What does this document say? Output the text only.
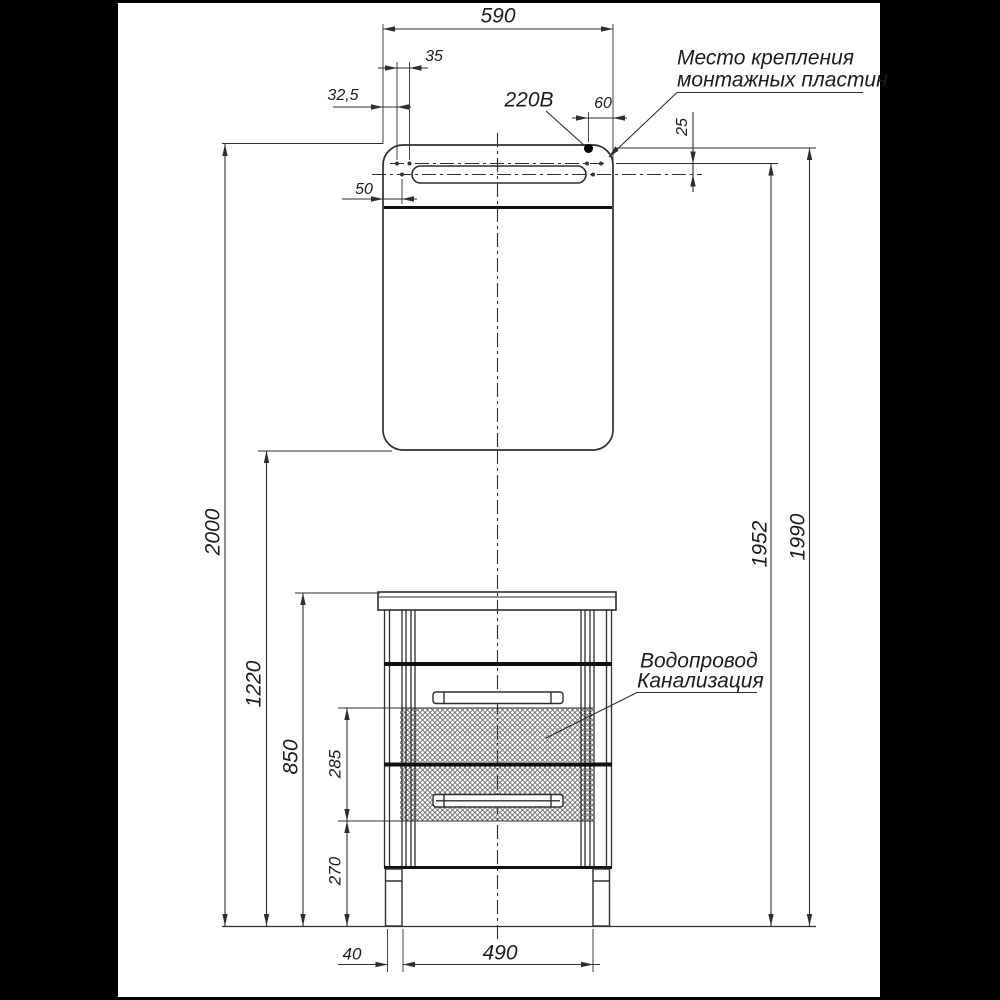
590
35
32,5	220В	60
50
25
2000
1220
850 285
270
1952 1990
40	490
Место крепления
монтажных пластин
Водопровод
Канализация
